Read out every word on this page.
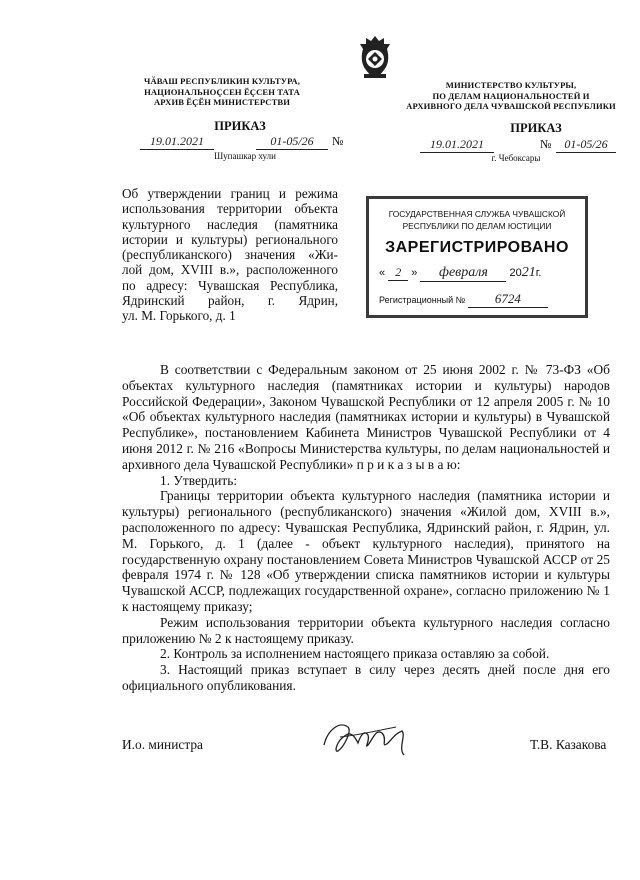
ЧӐВАШ РЕСПУБЛИКИН КУЛЬТУРА,
НАЦИОНАЛЬНОҪСЕН ӖҪСЕН ТАТА
АРХИВ ӖҪӖН МИНИСТЕРСТВИ
ПРИКАЗ
19.01.2021	01-05/26	№
Шупашкар хули
МИНИСТЕРСТВО КУЛЬТУРЫ,
ПО ДЕЛАМ НАЦИОНАЛЬНОСТЕЙ И
АРХИВНОГО ДЕЛА ЧУВАШСКОЙ РЕСПУБЛИКИ
ПРИКАЗ
19.01.2021	№	01-05/26
г. Чебоксары
Об утверждении границ и режима
использования территории объекта
культурного наследия (памятника
истории и культуры) регионального
(республиканского) значения «Жи-
лой дом, XVIII в.», расположенного
по адресу: Чувашская Республика,
Ядринский район, г. Ядрин,
ул. М. Горького, д. 1
ГОСУДАРСТВЕННАЯ СЛУЖБА ЧУВАШСКОЙ
РЕСПУБЛИКИ ПО ДЕЛАМ ЮСТИЦИИ
ЗАРЕГИСТРИРОВАНО
« 2 » февраля 2021г.
Регистрационный № 6724
В соответствии с Федеральным законом от 25 июня 2002 г. № 73-ФЗ «Об объектах культурного наследия (памятниках истории и культуры) народов Российской Федерации», Законом Чувашской Республики от 12 апреля 2005 г. № 10 «Об объектах культурного наследия (памятниках истории и культуры) в Чувашской Республике», постановлением Кабинета Министров Чувашской Республики от 4 июня 2012 г. № 216 «Вопросы Министерства культуры, по делам национальностей и архивного дела Чувашской Республики» п р и к а з ы в а ю:
1. Утвердить:
Границы территории объекта культурного наследия (памятника истории и культуры) регионального (республиканского) значения «Жилой дом, XVIII в.», расположенного по адресу: Чувашская Республика, Ядринский район, г. Ядрин, ул. М. Горького, д. 1 (далее - объект культурного наследия), принятого на государственную охрану постановлением Совета Министров Чувашской АССР от 25 февраля 1974 г. № 128 «Об утверждении списка памятников истории и культуры Чувашской АССР, подлежащих государственной охране», согласно приложению № 1 к настоящему приказу;
Режим использования территории объекта культурного наследия согласно приложению № 2 к настоящему приказу.
2. Контроль за исполнением настоящего приказа оставляю за собой.
3. Настоящий приказ вступает в силу через десять дней после дня его официального опубликования.
И.о. министра	Т.В. Казакова
